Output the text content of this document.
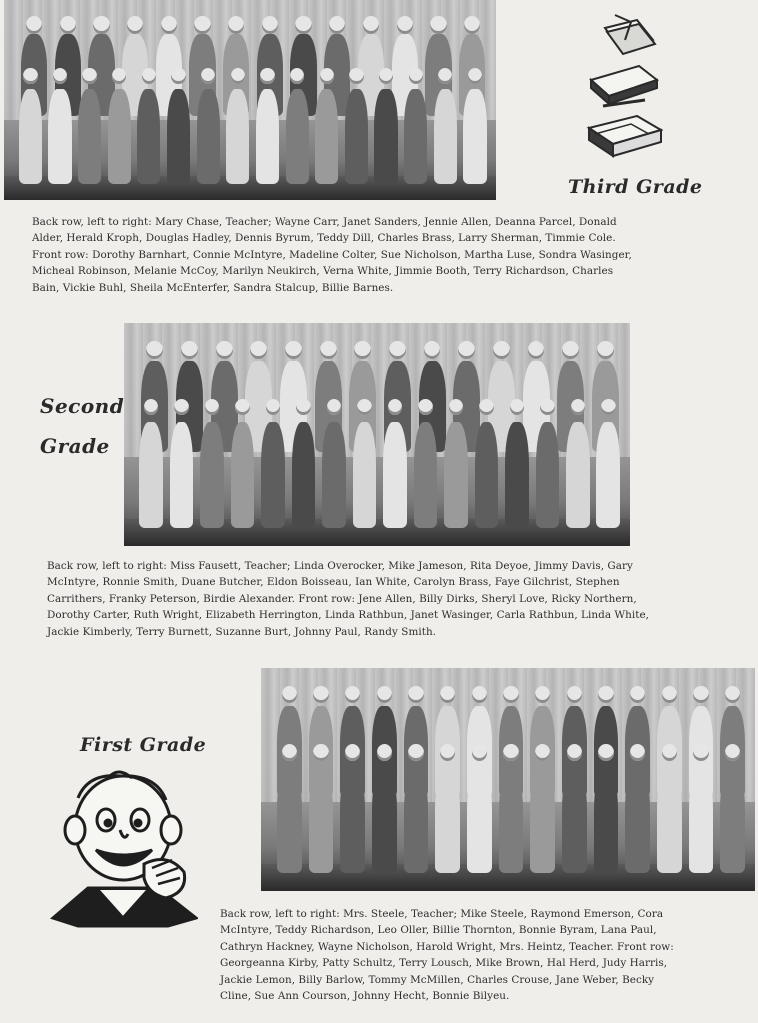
Third Grade
Back row, left to right: Mary Chase, Teacher; Wayne Carr, Janet Sanders, Jennie Allen, Deanna Parcel, Donald
Alder, Herald Kroph, Douglas Hadley, Dennis Byrum, Teddy Dill, Charles Brass, Larry Sherman, Timmie Cole.
Front row: Dorothy Barnhart, Connie McIntyre, Madeline Colter, Sue Nicholson, Martha Luse, Sondra Wasinger,
Micheal Robinson, Melanie McCoy, Marilyn Neukirch, Verna White, Jimmie Booth, Terry Richardson, Charles
Bain, Vickie Buhl, Sheila McEnterfer, Sandra Stalcup, Billie Barnes.
Second
Grade
Back row, left to right: Miss Fausett, Teacher; Linda Overocker, Mike Jameson, Rita Deyoe, Jimmy Davis, Gary
McIntyre, Ronnie Smith, Duane Butcher, Eldon Boisseau, Ian White, Carolyn Brass, Faye Gilchrist, Stephen
Carrithers, Franky Peterson, Birdie Alexander. Front row: Jene Allen, Billy Dirks, Sheryl Love, Ricky Northern,
Dorothy Carter, Ruth Wright, Elizabeth Herrington, Linda Rathbun, Janet Wasinger, Carla Rathbun, Linda White,
Jackie Kimberly, Terry Burnett, Suzanne Burt, Johnny Paul, Randy Smith.
First Grade
Back row, left to right: Mrs. Steele, Teacher; Mike Steele, Raymond Emerson, Cora
McIntyre, Teddy Richardson, Leo Oller, Billie Thornton, Bonnie Byram, Lana Paul,
Cathryn Hackney, Wayne Nicholson, Harold Wright, Mrs. Heintz, Teacher. Front row:
Georgeanna Kirby, Patty Schultz, Terry Lousch, Mike Brown, Hal Herd, Judy Harris,
Jackie Lemon, Billy Barlow, Tommy McMillen, Charles Crouse, Jane Weber, Becky
Cline, Sue Ann Courson, Johnny Hecht, Bonnie Bilyeu.
